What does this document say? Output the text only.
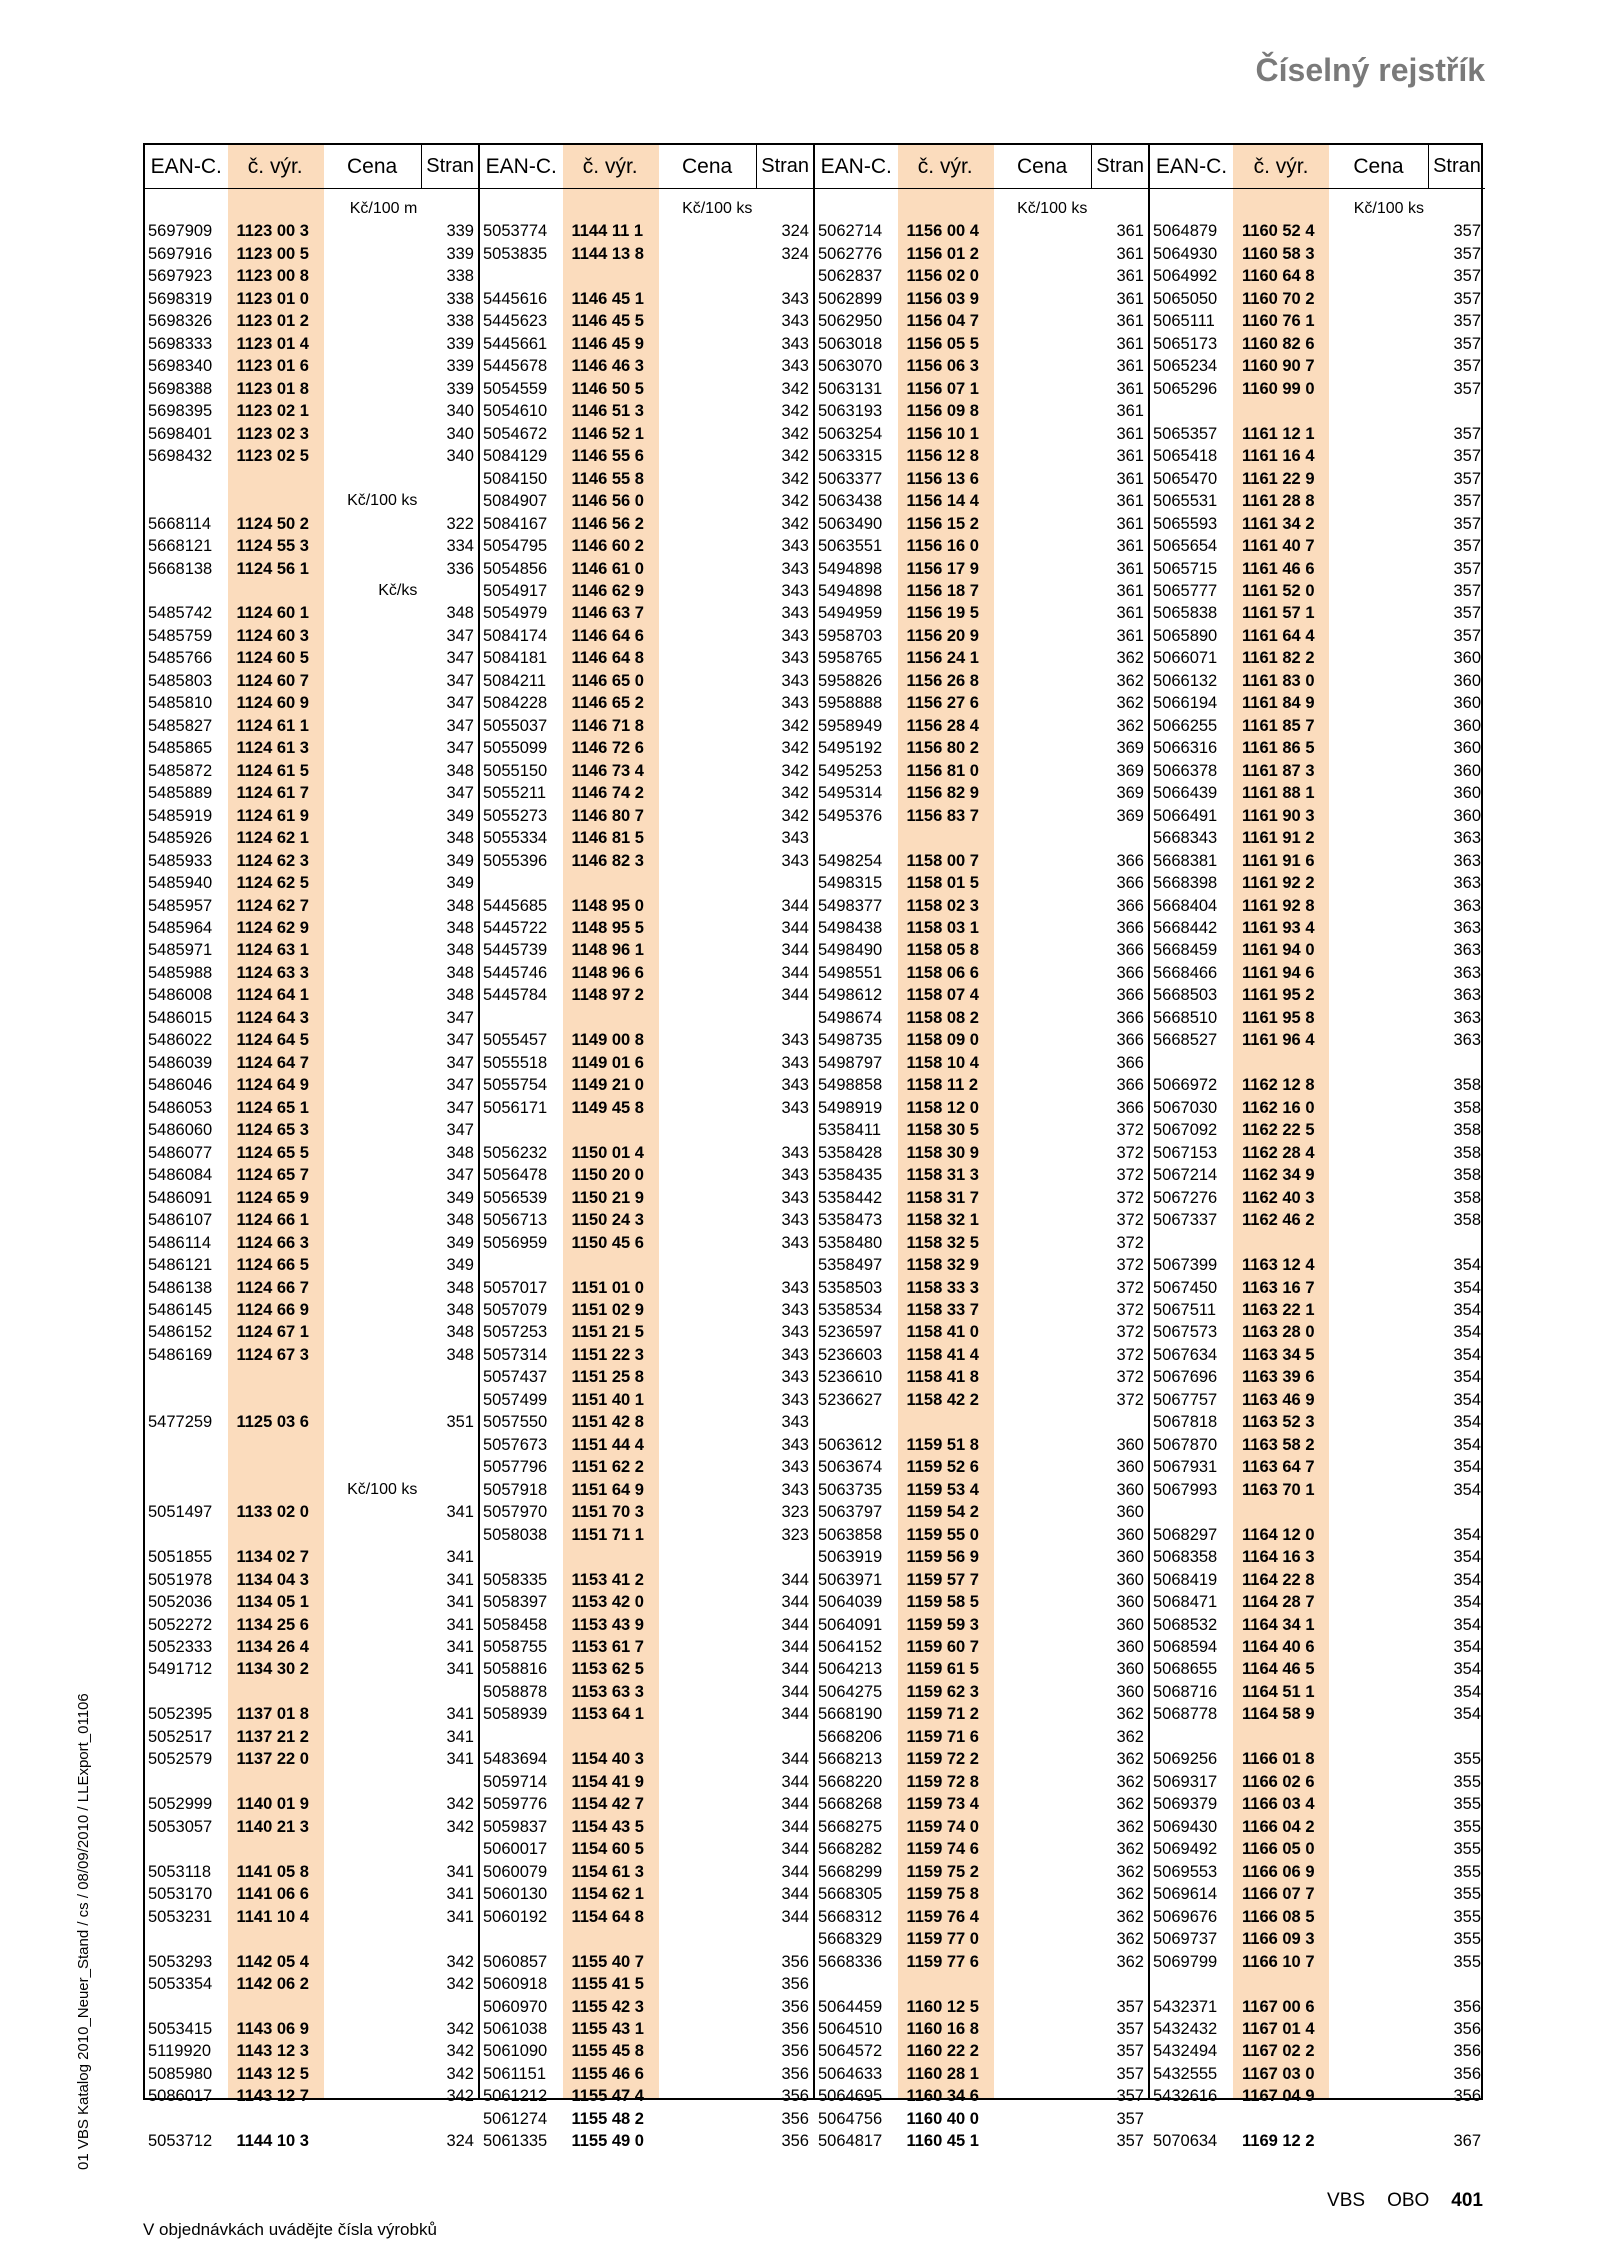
Číselný rejstřík
EAN-C.	č. výr.	Cena	Stran
Kč/100 m
5697909	1123 00 3	339
5697916	1123 00 5	339
5697923	1123 00 8	338
5698319	1123 01 0	338
5698326	1123 01 2	338
5698333	1123 01 4	339
5698340	1123 01 6	339
5698388	1123 01 8	339
5698395	1123 02 1	340
5698401	1123 02 3	340
5698432	1123 02 5	340
Kč/100 ks
5668114	1124 50 2	322
5668121	1124 55 3	334
5668138	1124 56 1	336
Kč/ks
5485742	1124 60 1	348
5485759	1124 60 3	347
5485766	1124 60 5	347
5485803	1124 60 7	347
5485810	1124 60 9	347
5485827	1124 61 1	347
5485865	1124 61 3	347
5485872	1124 61 5	348
5485889	1124 61 7	347
5485919	1124 61 9	349
5485926	1124 62 1	348
5485933	1124 62 3	349
5485940	1124 62 5	349
5485957	1124 62 7	348
5485964	1124 62 9	348
5485971	1124 63 1	348
5485988	1124 63 3	348
5486008	1124 64 1	348
5486015	1124 64 3	347
5486022	1124 64 5	347
5486039	1124 64 7	347
5486046	1124 64 9	347
5486053	1124 65 1	347
5486060	1124 65 3	347
5486077	1124 65 5	348
5486084	1124 65 7	347
5486091	1124 65 9	349
5486107	1124 66 1	348
5486114	1124 66 3	349
5486121	1124 66 5	349
5486138	1124 66 7	348
5486145	1124 66 9	348
5486152	1124 67 1	348
5486169	1124 67 3	348
5477259	1125 03 6	351
Kč/100 ks
5051497	1133 02 0	341
5051855	1134 02 7	341
5051978	1134 04 3	341
5052036	1134 05 1	341
5052272	1134 25 6	341
5052333	1134 26 4	341
5491712	1134 30 2	341
5052395	1137 01 8	341
5052517	1137 21 2	341
5052579	1137 22 0	341
5052999	1140 01 9	342
5053057	1140 21 3	342
5053118	1141 05 8	341
5053170	1141 06 6	341
5053231	1141 10 4	341
5053293	1142 05 4	342
5053354	1142 06 2	342
5053415	1143 06 9	342
5119920	1143 12 3	342
5085980	1143 12 5	342
5086017	1143 12 7	342
5053712	1144 10 3	324
EAN-C.	č. výr.	Cena	Stran
Kč/100 ks
5053774	1144 11 1	324
5053835	1144 13 8	324
5445616	1146 45 1	343
5445623	1146 45 5	343
5445661	1146 45 9	343
5445678	1146 46 3	343
5054559	1146 50 5	342
5054610	1146 51 3	342
5054672	1146 52 1	342
5084129	1146 55 6	342
5084150	1146 55 8	342
5084907	1146 56 0	342
5084167	1146 56 2	342
5054795	1146 60 2	343
5054856	1146 61 0	343
5054917	1146 62 9	343
5054979	1146 63 7	343
5084174	1146 64 6	343
5084181	1146 64 8	343
5084211	1146 65 0	343
5084228	1146 65 2	343
5055037	1146 71 8	342
5055099	1146 72 6	342
5055150	1146 73 4	342
5055211	1146 74 2	342
5055273	1146 80 7	342
5055334	1146 81 5	343
5055396	1146 82 3	343
5445685	1148 95 0	344
5445722	1148 95 5	344
5445739	1148 96 1	344
5445746	1148 96 6	344
5445784	1148 97 2	344
5055457	1149 00 8	343
5055518	1149 01 6	343
5055754	1149 21 0	343
5056171	1149 45 8	343
5056232	1150 01 4	343
5056478	1150 20 0	343
5056539	1150 21 9	343
5056713	1150 24 3	343
5056959	1150 45 6	343
5057017	1151 01 0	343
5057079	1151 02 9	343
5057253	1151 21 5	343
5057314	1151 22 3	343
5057437	1151 25 8	343
5057499	1151 40 1	343
5057550	1151 42 8	343
5057673	1151 44 4	343
5057796	1151 62 2	343
5057918	1151 64 9	343
5057970	1151 70 3	323
5058038	1151 71 1	323
5058335	1153 41 2	344
5058397	1153 42 0	344
5058458	1153 43 9	344
5058755	1153 61 7	344
5058816	1153 62 5	344
5058878	1153 63 3	344
5058939	1153 64 1	344
5483694	1154 40 3	344
5059714	1154 41 9	344
5059776	1154 42 7	344
5059837	1154 43 5	344
5060017	1154 60 5	344
5060079	1154 61 3	344
5060130	1154 62 1	344
5060192	1154 64 8	344
5060857	1155 40 7	356
5060918	1155 41 5	356
5060970	1155 42 3	356
5061038	1155 43 1	356
5061090	1155 45 8	356
5061151	1155 46 6	356
5061212	1155 47 4	356
5061274	1155 48 2	356
5061335	1155 49 0	356
EAN-C.	č. výr.	Cena	Stran
Kč/100 ks
5062714	1156 00 4	361
5062776	1156 01 2	361
5062837	1156 02 0	361
5062899	1156 03 9	361
5062950	1156 04 7	361
5063018	1156 05 5	361
5063070	1156 06 3	361
5063131	1156 07 1	361
5063193	1156 09 8	361
5063254	1156 10 1	361
5063315	1156 12 8	361
5063377	1156 13 6	361
5063438	1156 14 4	361
5063490	1156 15 2	361
5063551	1156 16 0	361
5494898	1156 17 9	361
5494898	1156 18 7	361
5494959	1156 19 5	361
5958703	1156 20 9	361
5958765	1156 24 1	362
5958826	1156 26 8	362
5958888	1156 27 6	362
5958949	1156 28 4	362
5495192	1156 80 2	369
5495253	1156 81 0	369
5495314	1156 82 9	369
5495376	1156 83 7	369
5498254	1158 00 7	366
5498315	1158 01 5	366
5498377	1158 02 3	366
5498438	1158 03 1	366
5498490	1158 05 8	366
5498551	1158 06 6	366
5498612	1158 07 4	366
5498674	1158 08 2	366
5498735	1158 09 0	366
5498797	1158 10 4	366
5498858	1158 11 2	366
5498919	1158 12 0	366
5358411	1158 30 5	372
5358428	1158 30 9	372
5358435	1158 31 3	372
5358442	1158 31 7	372
5358473	1158 32 1	372
5358480	1158 32 5	372
5358497	1158 32 9	372
5358503	1158 33 3	372
5358534	1158 33 7	372
5236597	1158 41 0	372
5236603	1158 41 4	372
5236610	1158 41 8	372
5236627	1158 42 2	372
5063612	1159 51 8	360
5063674	1159 52 6	360
5063735	1159 53 4	360
5063797	1159 54 2	360
5063858	1159 55 0	360
5063919	1159 56 9	360
5063971	1159 57 7	360
5064039	1159 58 5	360
5064091	1159 59 3	360
5064152	1159 60 7	360
5064213	1159 61 5	360
5064275	1159 62 3	360
5668190	1159 71 2	362
5668206	1159 71 6	362
5668213	1159 72 2	362
5668220	1159 72 8	362
5668268	1159 73 4	362
5668275	1159 74 0	362
5668282	1159 74 6	362
5668299	1159 75 2	362
5668305	1159 75 8	362
5668312	1159 76 4	362
5668329	1159 77 0	362
5668336	1159 77 6	362
5064459	1160 12 5	357
5064510	1160 16 8	357
5064572	1160 22 2	357
5064633	1160 28 1	357
5064695	1160 34 6	357
5064756	1160 40 0	357
5064817	1160 45 1	357
EAN-C.	č. výr.	Cena	Stran
Kč/100 ks
5064879	1160 52 4	357
5064930	1160 58 3	357
5064992	1160 64 8	357
5065050	1160 70 2	357
5065111	1160 76 1	357
5065173	1160 82 6	357
5065234	1160 90 7	357
5065296	1160 99 0	357
5065357	1161 12 1	357
5065418	1161 16 4	357
5065470	1161 22 9	357
5065531	1161 28 8	357
5065593	1161 34 2	357
5065654	1161 40 7	357
5065715	1161 46 6	357
5065777	1161 52 0	357
5065838	1161 57 1	357
5065890	1161 64 4	357
5066071	1161 82 2	360
5066132	1161 83 0	360
5066194	1161 84 9	360
5066255	1161 85 7	360
5066316	1161 86 5	360
5066378	1161 87 3	360
5066439	1161 88 1	360
5066491	1161 90 3	360
5668343	1161 91 2	363
5668381	1161 91 6	363
5668398	1161 92 2	363
5668404	1161 92 8	363
5668442	1161 93 4	363
5668459	1161 94 0	363
5668466	1161 94 6	363
5668503	1161 95 2	363
5668510	1161 95 8	363
5668527	1161 96 4	363
5066972	1162 12 8	358
5067030	1162 16 0	358
5067092	1162 22 5	358
5067153	1162 28 4	358
5067214	1162 34 9	358
5067276	1162 40 3	358
5067337	1162 46 2	358
5067399	1163 12 4	354
5067450	1163 16 7	354
5067511	1163 22 1	354
5067573	1163 28 0	354
5067634	1163 34 5	354
5067696	1163 39 6	354
5067757	1163 46 9	354
5067818	1163 52 3	354
5067870	1163 58 2	354
5067931	1163 64 7	354
5067993	1163 70 1	354
5068297	1164 12 0	354
5068358	1164 16 3	354
5068419	1164 22 8	354
5068471	1164 28 7	354
5068532	1164 34 1	354
5068594	1164 40 6	354
5068655	1164 46 5	354
5068716	1164 51 1	354
5068778	1164 58 9	354
5069256	1166 01 8	355
5069317	1166 02 6	355
5069379	1166 03 4	355
5069430	1166 04 2	355
5069492	1166 05 0	355
5069553	1166 06 9	355
5069614	1166 07 7	355
5069676	1166 08 5	355
5069737	1166 09 3	355
5069799	1166 10 7	355
5432371	1167 00 6	356
5432432	1167 01 4	356
5432494	1167 02 2	356
5432555	1167 03 0	356
5432616	1167 04 9	356
5070634	1169 12 2	367
01 VBS Katalog 2010_Neuer_Stand / cs / 08/09/2010 / LLExport_01106
V objednávkách uvádějte čísla výrobků
VBS OBO 401
